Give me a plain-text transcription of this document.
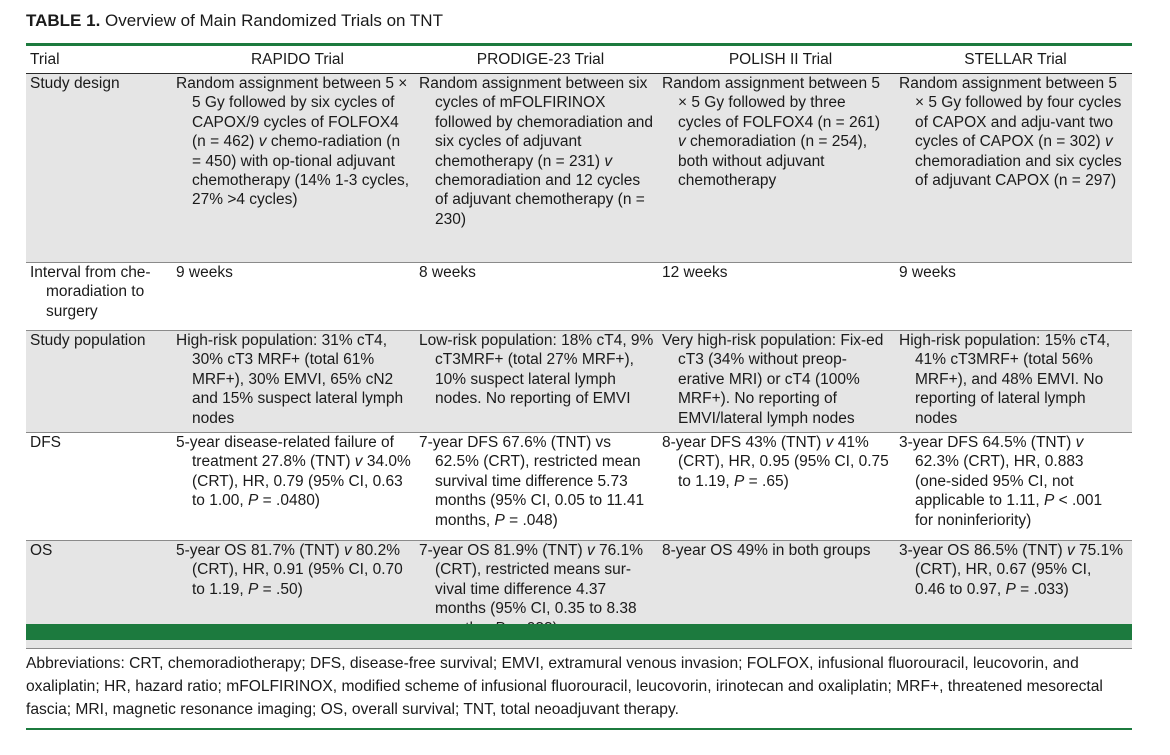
TABLE 1. Overview of Main Randomized Trials on TNT
Trial	RAPIDO Trial	PRODIGE-23 Trial	POLISH II Trial	STELLAR Trial
Study design	Random assignment between 5 × 5 Gy followed by six cycles of CAPOX/9 cycles of FOLFOX4 (n = 462) v chemo-radiation (n = 450) with op-tional adjuvant chemotherapy (14% 1-3 cycles, 27% >4 cycles)	Random assignment between six cycles of mFOLFIRINOX followed by chemoradiation and six cycles of adjuvant chemotherapy (n = 231) v chemoradiation and 12 cycles of adjuvant chemotherapy (n = 230)	Random assignment between 5 × 5 Gy followed by three cycles of FOLFOX4 (n = 261) v chemoradiation (n = 254), both without adjuvant chemotherapy	Random assignment between 5 × 5 Gy followed by four cycles of CAPOX and adju-vant two cycles of CAPOX (n = 302) v chemoradiation and six cycles of adjuvant CAPOX (n = 297)

Interval from che-moradiation to surgery	9 weeks	8 weeks	12 weeks	9 weeks
Study population	High-risk population: 31% cT4, 30% cT3 MRF+ (total 61% MRF+), 30% EMVI, 65% cN2 and 15% suspect lateral lymph nodes	Low-risk population: 18% cT4, 9% cT3MRF+ (total 27% MRF+), 10% suspect lateral lymph nodes. No reporting of EMVI	Very high-risk population: Fix-ed cT3 (34% without preop-erative MRI) or cT4 (100% MRF+). No reporting of EMVI/lateral lymph nodes	High-risk population: 15% cT4, 41% cT3MRF+ (total 56% MRF+), and 48% EMVI. No reporting of lateral lymph nodes
DFS	5-year disease-related failure of treatment 27.8% (TNT) v 34.0% (CRT), HR, 0.79 (95% CI, 0.63 to 1.00, P = .0480)	7-year DFS 67.6% (TNT) vs 62.5% (CRT), restricted mean survival time difference 5.73 months (95% CI, 0.05 to 11.41 months, P = .048)	8-year DFS 43% (TNT) v 41% (CRT), HR, 0.95 (95% CI, 0.75 to 1.19, P = .65)	3-year DFS 64.5% (TNT) v 62.3% (CRT), HR, 0.883 (one-sided 95% CI, not applicable to 1.11, P < .001 for noninferiority)
OS	5-year OS 81.7% (TNT) v 80.2% (CRT), HR, 0.91 (95% CI, 0.70 to 1.19, P = .50)	7-year OS 81.9% (TNT) v 76.1% (CRT), restricted means sur-vival time difference 4.37 months (95% CI, 0.35 to 8.38	8-year OS 49% in both groups	3-year OS 86.5% (TNT) v 75.1% (CRT), HR, 0.67 (95% CI, 0.46 to 0.97, P = .033)
Abbreviations: CRT, chemoradiotherapy; DFS, disease-free survival; EMVI, extramural venous invasion; FOLFOX, infusional fluorouracil, leucovorin, and oxaliplatin; HR, hazard ratio; mFOLFIRINOX, modified scheme of infusional fluorouracil, leucovorin, irinotecan and oxaliplatin; MRF+, threatened mesorectal fascia; MRI, magnetic resonance imaging; OS, overall survival; TNT, total neoadjuvant therapy.
